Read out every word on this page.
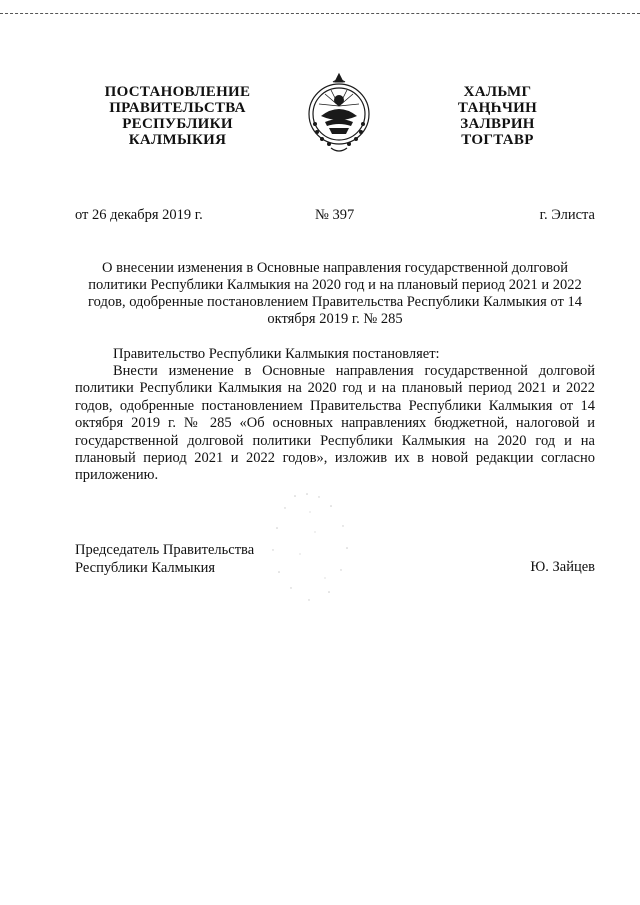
ПОСТАНОВЛЕНИЕ
ПРАВИТЕЛЬСТВА
РЕСПУБЛИКИ
КАЛМЫКИЯ
ХАЛЬМГ
ТАҢҺЧИН
ЗАЛВРИН
ТОГТАВР
от 26 декабря 2019 г.	№ 397	г. Элиста
О внесении изменения в Основные направления государственной долговой политики Республики Калмыкия на 2020 год и на плановый период 2021 и 2022 годов, одобренные постановлением Правительства Республики Калмыкия от 14 октября 2019 г. № 285
Правительство Республики Калмыкия постановляет:
Внести изменение в Основные направления государственной долговой политики Республики Калмыкия на 2020 год и на плановый период 2021 и 2022 годов, одобренные постановлением Правительства Республики Калмыкия от 14 октября 2019 г. № 285 «Об основных направлениях бюджетной, налоговой и государственной долговой политики Республики Калмыкия на 2020 год и на плановый период 2021 и 2022 годов», изложив их в новой редакции согласно приложению.
Председатель Правительства
Республики Калмыкия	Ю. Зайцев
